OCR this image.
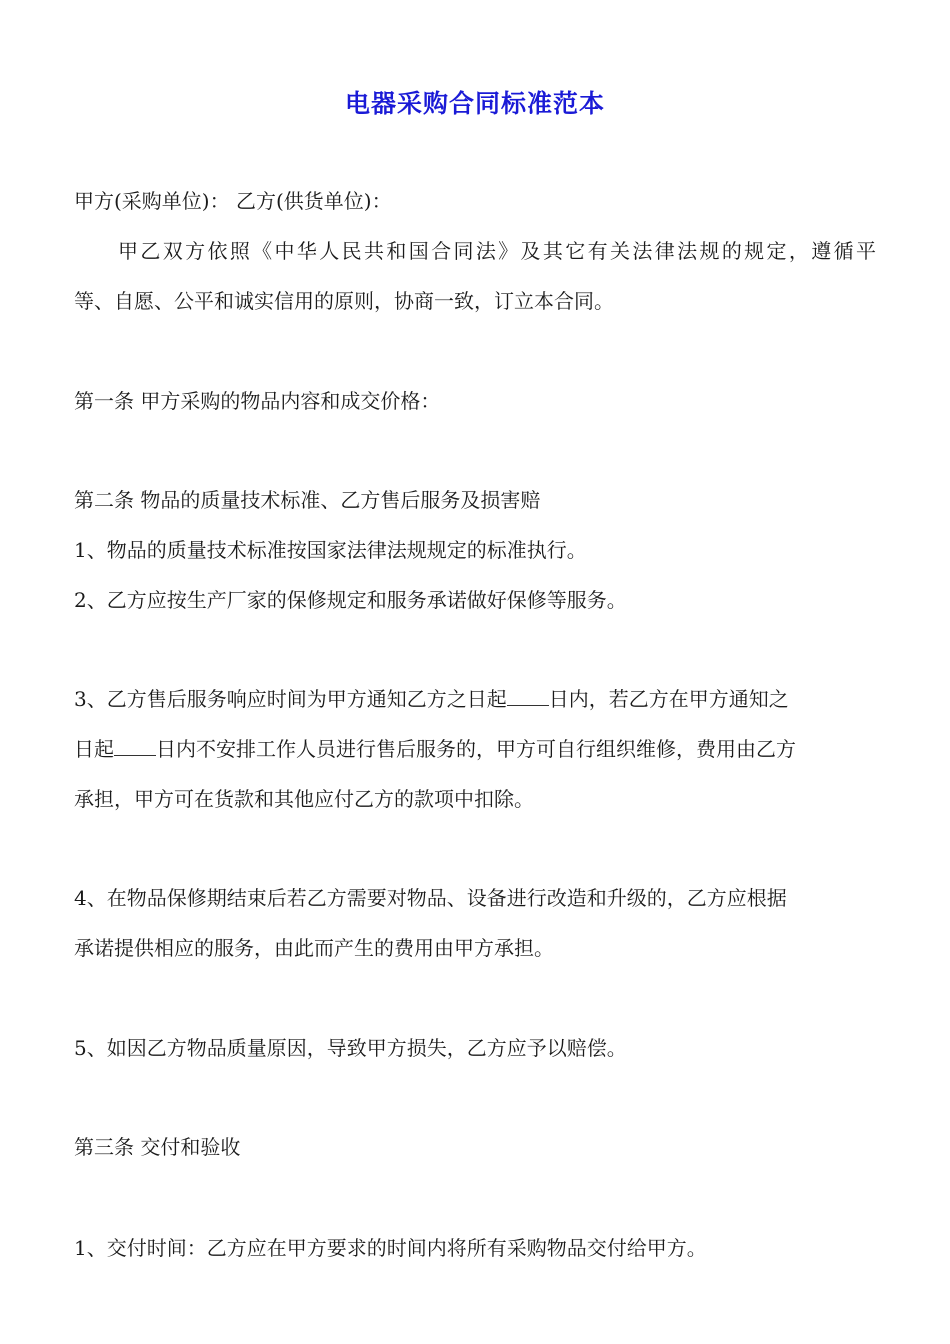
电器采购合同标准范本
甲方(采购单位)： 乙方(供货单位)：
甲乙双方依照《中华人民共和国合同法》及其它有关法律法规的规定，遵循平
等、自愿、公平和诚实信用的原则，协商一致，订立本合同。
第一条 甲方采购的物品内容和成交价格：
第二条 物品的质量技术标准、乙方售后服务及损害赔
1、物品的质量技术标准按国家法律法规规定的标准执行。
2、乙方应按生产厂家的保修规定和服务承诺做好保修等服务。
3、乙方售后服务响应时间为甲方通知乙方之日起 日内，若乙方在甲方通知之
日起 日内不安排工作人员进行售后服务的，甲方可自行组织维修，费用由乙方
承担，甲方可在货款和其他应付乙方的款项中扣除。
4、在物品保修期结束后若乙方需要对物品、设备进行改造和升级的，乙方应根据
承诺提供相应的服务，由此而产生的费用由甲方承担。
5、如因乙方物品质量原因，导致甲方损失，乙方应予以赔偿。
第三条 交付和验收
1、交付时间：乙方应在甲方要求的时间内将所有采购物品交付给甲方。
